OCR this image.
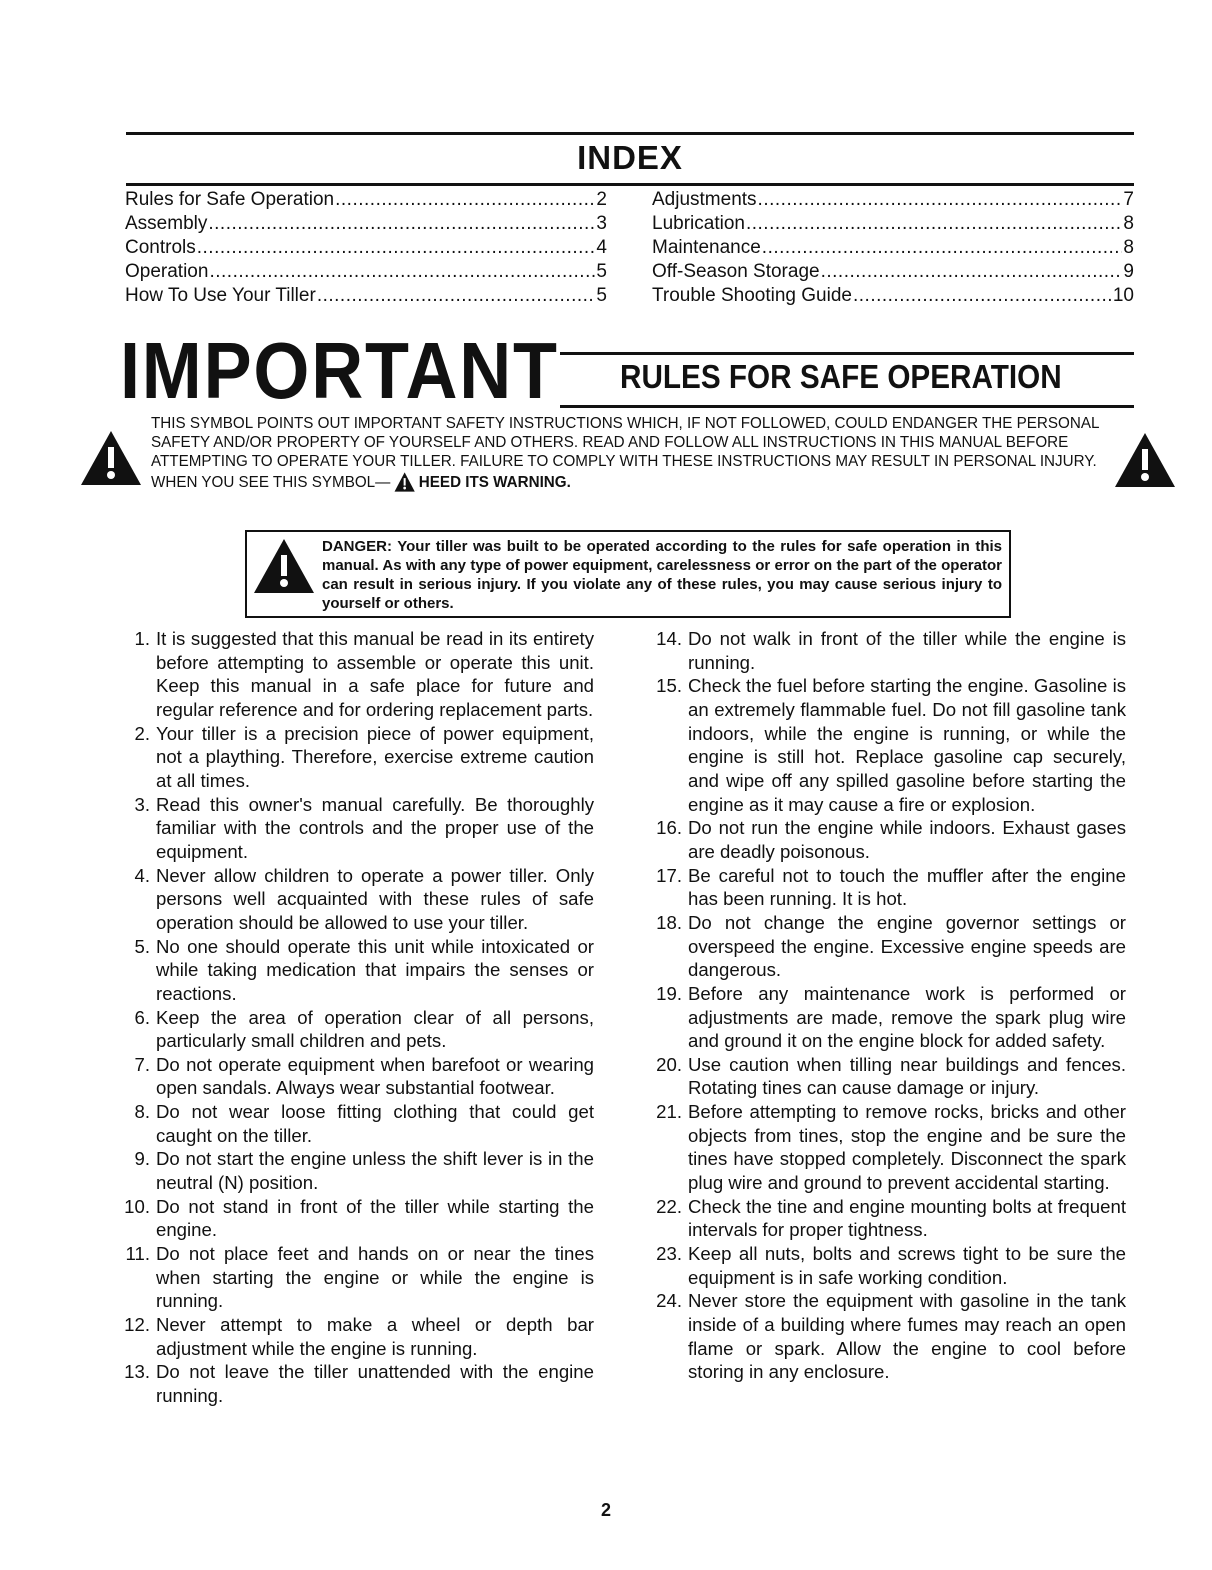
INDEX
Rules for Safe Operation .....	2
Assembly .....	3
Controls .....	4
Operation .....	5
How To Use Your Tiller .....	5
Adjustments .....	7
Lubrication .....	8
Maintenance .....	8
Off-Season Storage .....	9
Trouble Shooting Guide .....	10
IMPORTANT RULES FOR SAFE OPERATION
THIS SYMBOL POINTS OUT IMPORTANT SAFETY INSTRUCTIONS WHICH, IF NOT FOLLOWED, COULD ENDANGER THE PERSONAL SAFETY AND/OR PROPERTY OF YOURSELF AND OTHERS. READ AND FOLLOW ALL INSTRUCTIONS IN THIS MANUAL BEFORE ATTEMPTING TO OPERATE YOUR TILLER. FAILURE TO COMPLY WITH THESE INSTRUCTIONS MAY RESULT IN PERSONAL INJURY. WHEN YOU SEE THIS SYMBOL— HEED ITS WARNING.
DANGER: Your tiller was built to be operated according to the rules for safe operation in this manual. As with any type of power equipment, carelessness or error on the part of the operator can result in serious injury. If you violate any of these rules, you may cause serious injury to yourself or others.
1. It is suggested that this manual be read in its entirety before attempting to assemble or operate this unit. Keep this manual in a safe place for future and regular reference and for ordering replacement parts.
2. Your tiller is a precision piece of power equipment, not a plaything. Therefore, exercise extreme caution at all times.
3. Read this owner's manual carefully. Be thoroughly familiar with the controls and the proper use of the equipment.
4. Never allow children to operate a power tiller. Only persons well acquainted with these rules of safe operation should be allowed to use your tiller.
5. No one should operate this unit while intoxicated or while taking medication that impairs the senses or reactions.
6. Keep the area of operation clear of all persons, particularly small children and pets.
7. Do not operate equipment when barefoot or wearing open sandals. Always wear substantial footwear.
8. Do not wear loose fitting clothing that could get caught on the tiller.
9. Do not start the engine unless the shift lever is in the neutral (N) position.
10. Do not stand in front of the tiller while starting the engine.
11. Do not place feet and hands on or near the tines when starting the engine or while the engine is running.
12. Never attempt to make a wheel or depth bar adjustment while the engine is running.
13. Do not leave the tiller unattended with the engine running.
14. Do not walk in front of the tiller while the engine is running.
15. Check the fuel before starting the engine. Gasoline is an extremely flammable fuel. Do not fill gasoline tank indoors, while the engine is running, or while the engine is still hot. Replace gasoline cap securely, and wipe off any spilled gasoline before starting the engine as it may cause a fire or explosion.
16. Do not run the engine while indoors. Exhaust gases are deadly poisonous.
17. Be careful not to touch the muffler after the engine has been running. It is hot.
18. Do not change the engine governor settings or overspeed the engine. Excessive engine speeds are dangerous.
19. Before any maintenance work is performed or adjustments are made, remove the spark plug wire and ground it on the engine block for added safety.
20. Use caution when tilling near buildings and fences. Rotating tines can cause damage or injury.
21. Before attempting to remove rocks, bricks and other objects from tines, stop the engine and be sure the tines have stopped completely. Disconnect the spark plug wire and ground to prevent accidental starting.
22. Check the tine and engine mounting bolts at frequent intervals for proper tightness.
23. Keep all nuts, bolts and screws tight to be sure the equipment is in safe working condition.
24. Never store the equipment with gasoline in the tank inside of a building where fumes may reach an open flame or spark. Allow the engine to cool before storing in any enclosure.
2
